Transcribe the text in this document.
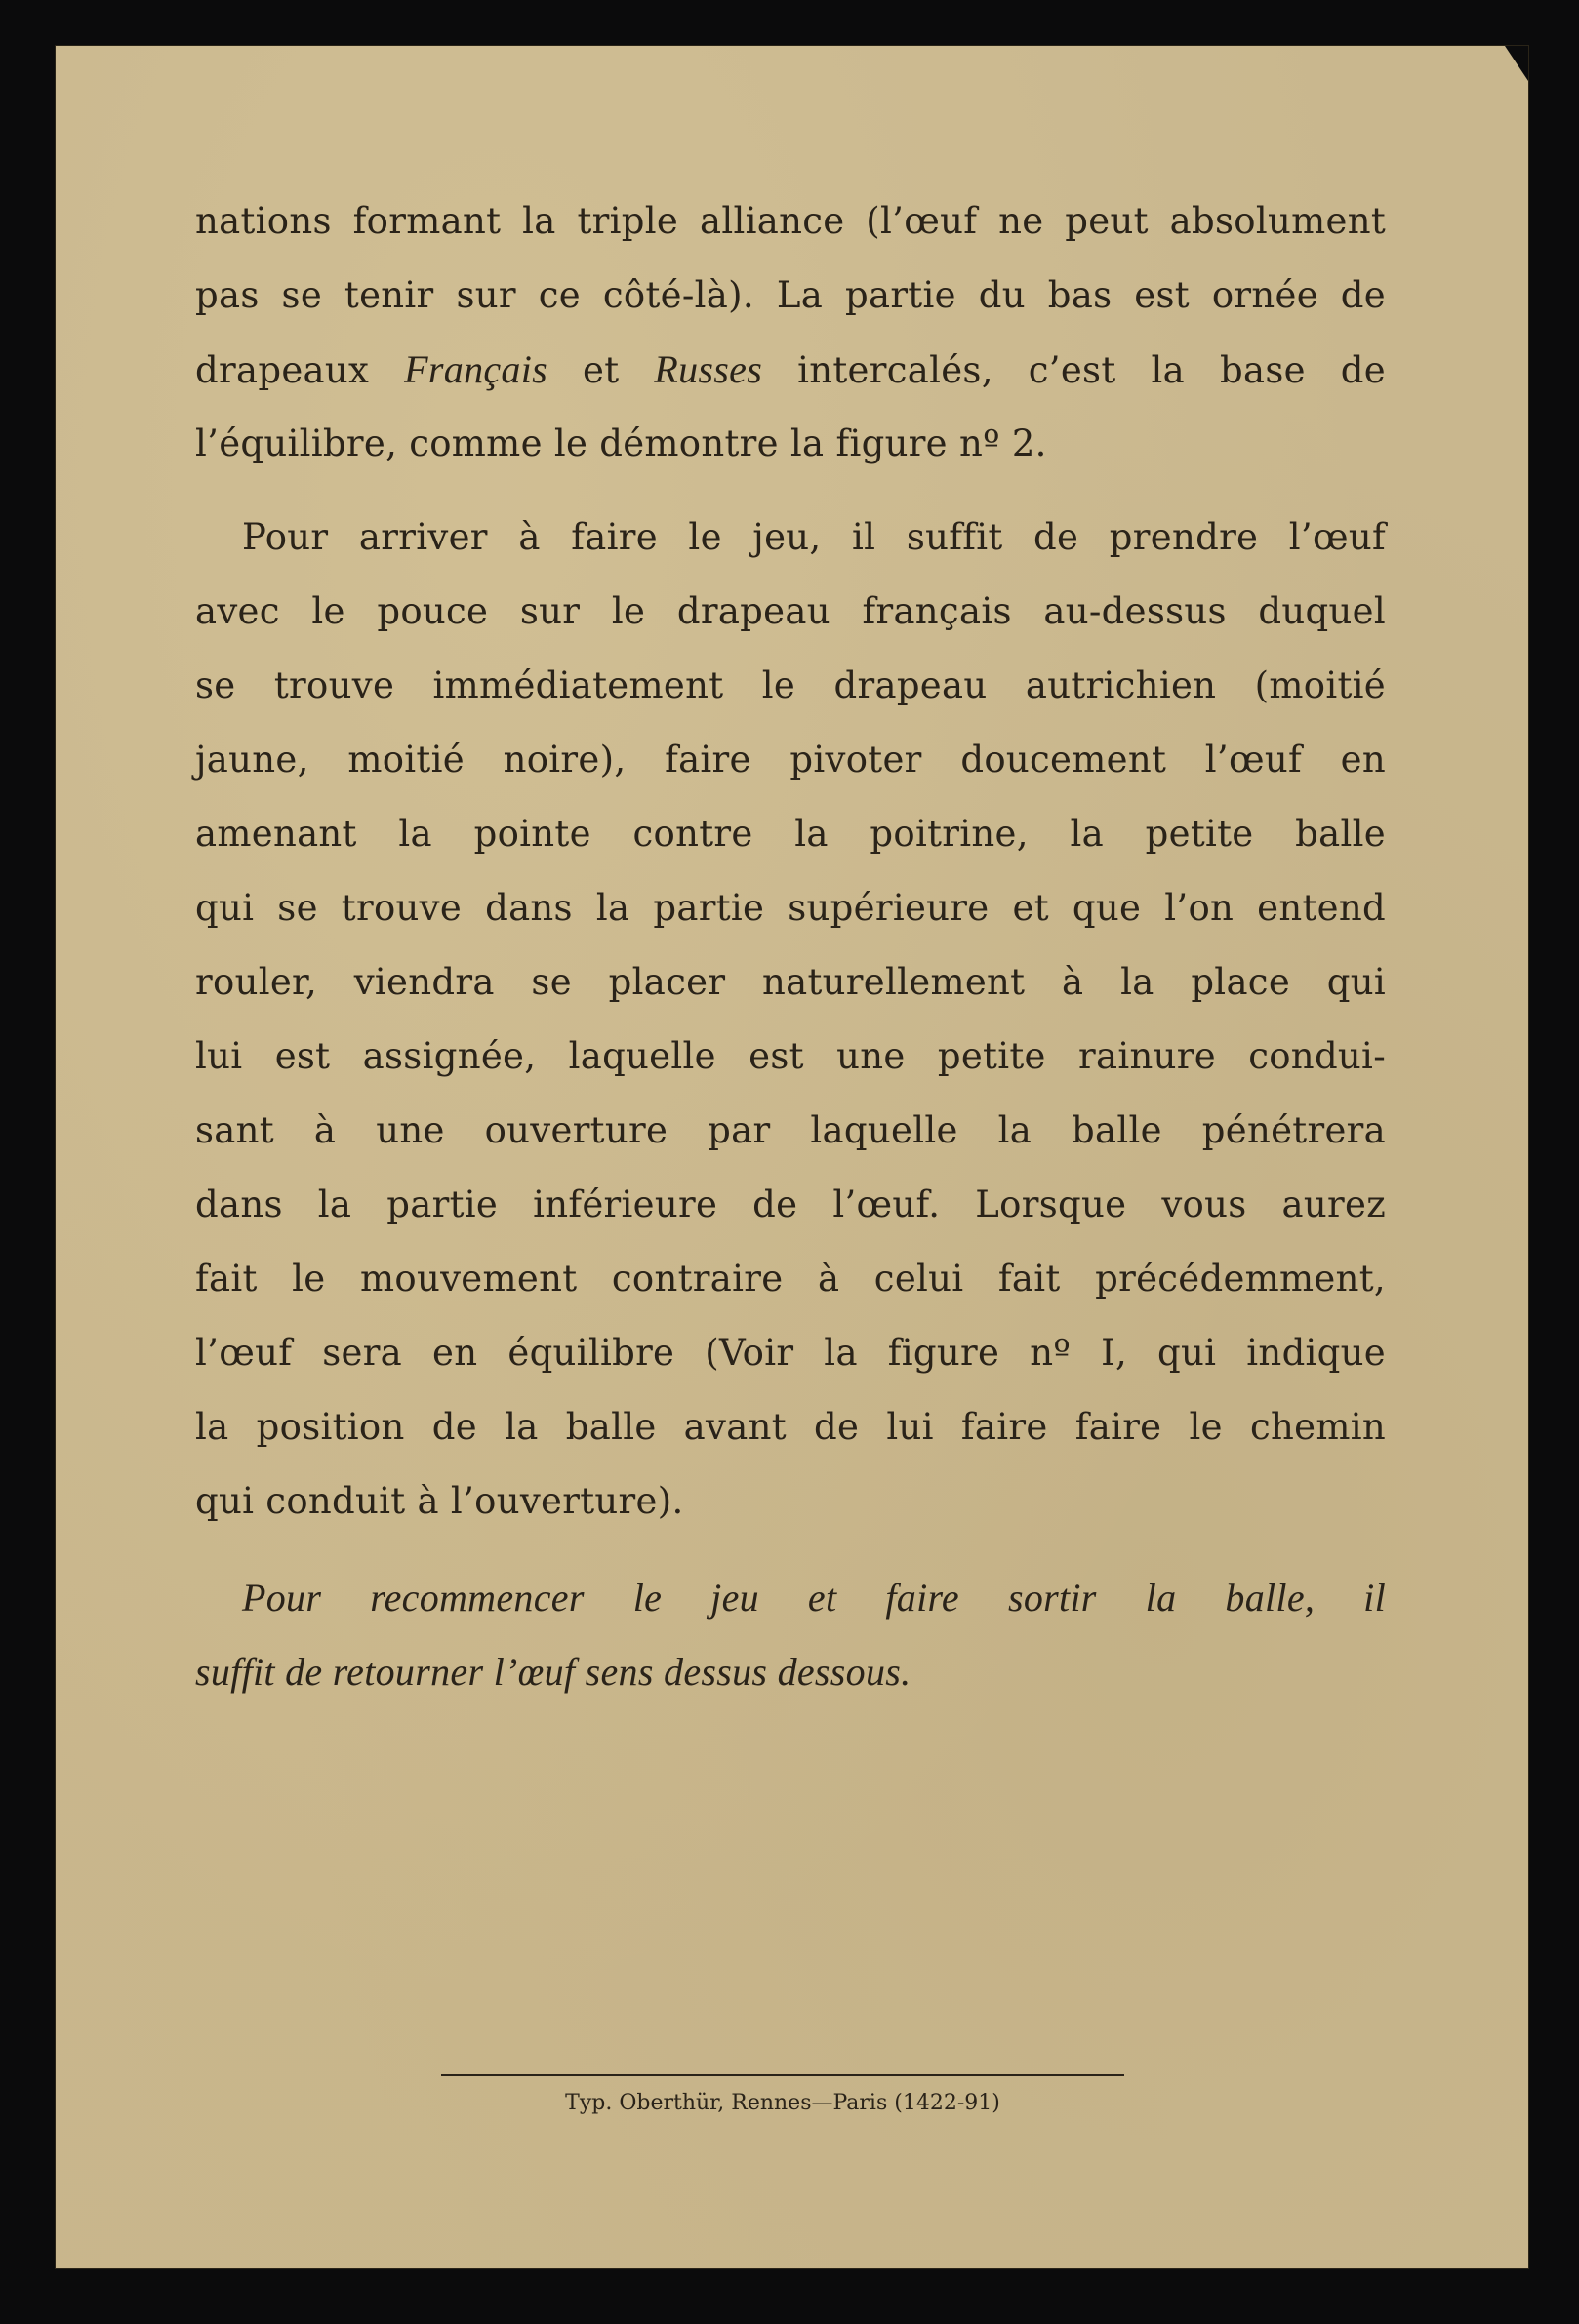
nations formant la triple alliance (l’œuf ne peut absolument
pas se tenir sur ce côté-là). La partie du bas est ornée de
drapeaux Français et Russes intercalés, c’est la base de
l’équilibre, comme le démontre la figure nº 2.
Pour arriver à faire le jeu, il suffit de prendre l’œuf
avec le pouce sur le drapeau français au-dessus duquel
se trouve immédiatement le drapeau autrichien (moitié
jaune, moitié noire), faire pivoter doucement l’œuf en
amenant la pointe contre la poitrine, la petite balle
qui se trouve dans la partie supérieure et que l’on entend
rouler, viendra se placer naturellement à la place qui
lui est assignée, laquelle est une petite rainure condui-
sant à une ouverture par laquelle la balle pénétrera
dans la partie inférieure de l’œuf. Lorsque vous aurez
fait le mouvement contraire à celui fait précédemment,
l’œuf sera en équilibre (Voir la figure nº I, qui indique
la position de la balle avant de lui faire faire le chemin
qui conduit à l’ouverture).
Pour recommencer le jeu et faire sortir la balle, il
suffit de retourner l’œuf sens dessus dessous.
Typ. Oberthür, Rennes—Paris (1422-91)
